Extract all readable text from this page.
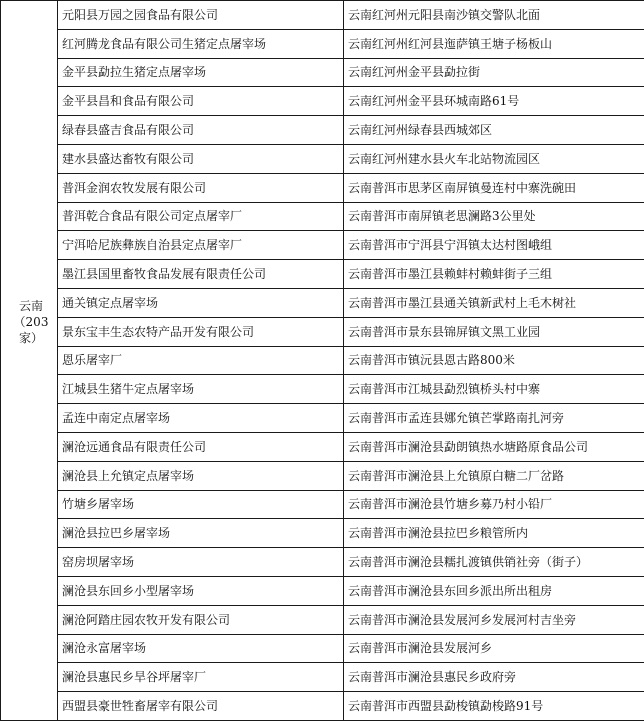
云南
（203
家）	元阳县万园之园食品有限公司	云南红河州元阳县南沙镇交警队北面
	红河腾龙食品有限公司生猪定点屠宰场	云南红河州红河县迤萨镇王塘子杨板山
	金平县勐拉生猪定点屠宰场	云南红河州金平县勐拉街
	金平县昌和食品有限公司	云南红河州金平县环城南路61号
	绿春县盛吉食品有限公司	云南红河州绿春县西城郊区
	建水县盛达畜牧有限公司	云南红河州建水县火车北站物流园区
	普洱金润农牧发展有限公司	云南普洱市思茅区南屏镇曼连村中寨洗碗田
	普洱乾合食品有限公司定点屠宰厂	云南普洱市南屏镇老思澜路3公里处
	宁洱哈尼族彝族自治县定点屠宰厂	云南普洱市宁洱县宁洱镇太达村图峨组
	墨江县国里畜牧食品发展有限责任公司	云南普洱市墨江县赖蚌村赖蚌街子三组
	通关镇定点屠宰场	云南普洱市墨江县通关镇新武村上毛木树社
	景东宝丰生态农特产品开发有限公司	云南普洱市景东县锦屏镇文黑工业园
	恩乐屠宰厂	云南普洱市镇沅县恩古路800米
	江城县生猪牛定点屠宰场	云南普洱市江城县勐烈镇桥头村中寨
	孟连中南定点屠宰场	云南普洱市孟连县娜允镇芒掌路南扎河旁
	澜沧远通食品有限责任公司	云南普洱市澜沧县勐朗镇热水塘路原食品公司
	澜沧县上允镇定点屠宰场	云南普洱市澜沧县上允镇原白糖二厂岔路
	竹塘乡屠宰场	云南普洱市澜沧县竹塘乡募乃村小铅厂
	澜沧县拉巴乡屠宰场	云南普洱市澜沧县拉巴乡粮管所内
	窑房坝屠宰场	云南普洱市澜沧县糯扎渡镇供销社旁（街子）
	澜沧县东回乡小型屠宰场	云南普洱市澜沧县东回乡派出所出租房
	澜沧阿踏庄园农牧开发有限公司	云南普洱市澜沧县发展河乡发展河村吉坐旁
	澜沧永富屠宰场	云南普洱市澜沧县发展河乡
	澜沧县惠民乡旱谷坪屠宰厂	云南普洱市澜沧县惠民乡政府旁
	西盟县豪世牲畜屠宰有限公司	云南普洱市西盟县勐梭镇勐梭路91号
